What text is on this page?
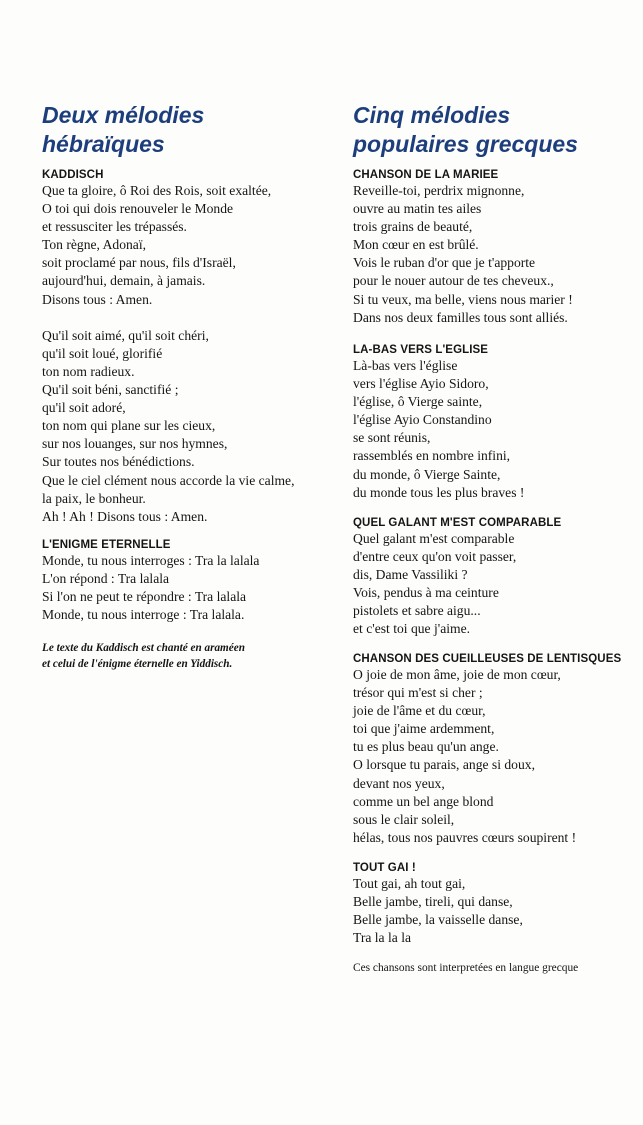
Deux mélodies
hébraïques
KADDISCH
Que ta gloire, ô Roi des Rois, soit exaltée,
O toi qui dois renouveler le Monde
et ressusciter les trépassés.
Ton règne, Adonaï,
soit proclamé par nous, fils d'Israël,
aujourd'hui, demain, à jamais.
Disons tous : Amen.

Qu'il soit aimé, qu'il soit chéri,
qu'il soit loué, glorifié
ton nom radieux.
Qu'il soit béni, sanctifié ;
qu'il soit adoré,
ton nom qui plane sur les cieux,
sur nos louanges, sur nos hymnes,
Sur toutes nos bénédictions.
Que le ciel clément nous accorde la vie calme,
la paix, le bonheur.
Ah ! Ah ! Disons tous : Amen.
L'ENIGME ETERNELLE
Monde, tu nous interroges : Tra la lalala
L'on répond : Tra lalala
Si l'on ne peut te répondre : Tra lalala
Monde, tu nous interroge : Tra lalala.
Le texte du Kaddisch est chanté en araméen
et celui de l'énigme éternelle en Yiddisch.
Cinq mélodies
populaires grecques
CHANSON DE LA MARIEE
Reveille-toi, perdrix mignonne,
ouvre au matin tes ailes
trois grains de beauté,
Mon cœur en est brûlé.
Vois le ruban d'or que je t'apporte
pour le nouer autour de tes cheveux.,
Si tu veux, ma belle, viens nous marier !
Dans nos deux familles tous sont alliés.
LA-BAS VERS L'EGLISE
Là-bas vers l'église
vers l'église Ayio Sidoro,
l'église, ô Vierge sainte,
l'église Ayio Constandino
se sont réunis,
rassemblés en nombre infini,
du monde, ô Vierge Sainte,
du monde tous les plus braves !
QUEL GALANT M'EST COMPARABLE
Quel galant m'est comparable
d'entre ceux qu'on voit passer,
dis, Dame Vassiliki ?
Vois, pendus à ma ceinture
pistolets et sabre aigu...
et c'est toi que j'aime.
CHANSON DES CUEILLEUSES DE LENTISQUES
O joie de mon âme, joie de mon cœur,
trésor qui m'est si cher ;
joie de l'âme et du cœur,
toi que j'aime ardemment,
tu es plus beau qu'un ange.
O lorsque tu parais, ange si doux,
devant nos yeux,
comme un bel ange blond
sous le clair soleil,
hélas, tous nos pauvres cœurs soupirent !
TOUT GAI !
Tout gai, ah tout gai,
Belle jambe, tireli, qui danse,
Belle jambe, la vaisselle danse,
Tra la la la
Ces chansons sont interpretées en langue grecque
